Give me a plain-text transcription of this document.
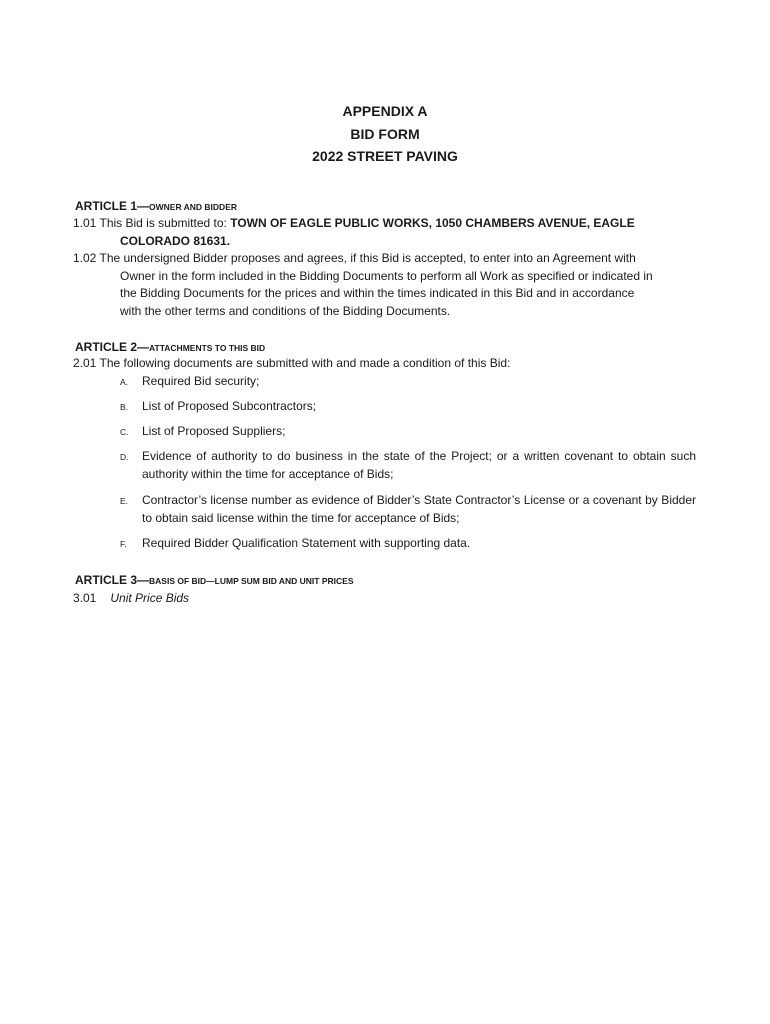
APPENDIX A
BID FORM
2022 STREET PAVING
ARTICLE 1—OWNER AND BIDDER
1.01 This Bid is submitted to: TOWN OF EAGLE PUBLIC WORKS, 1050 CHAMBERS AVENUE, EAGLE
COLORADO 81631.
1.02 The undersigned Bidder proposes and agrees, if this Bid is accepted, to enter into an Agreement with
Owner in the form included in the Bidding Documents to perform all Work as specified or indicated in
the Bidding Documents for the prices and within the times indicated in this Bid and in accordance
with the other terms and conditions of the Bidding Documents.
ARTICLE 2—ATTACHMENTS TO THIS BID
2.01 The following documents are submitted with and made a condition of this Bid:
A. Required Bid security;
B. List of Proposed Subcontractors;
C. List of Proposed Suppliers;
D. Evidence of authority to do business in the state of the Project; or a written covenant to obtain such authority within the time for acceptance of Bids;
E. Contractor’s license number as evidence of Bidder’s State Contractor’s License or a covenant by Bidder to obtain said license within the time for acceptance of Bids;
F. Required Bidder Qualification Statement with supporting data.
ARTICLE 3—BASIS OF BID—LUMP SUM BID AND UNIT PRICES
3.01 Unit Price Bids
